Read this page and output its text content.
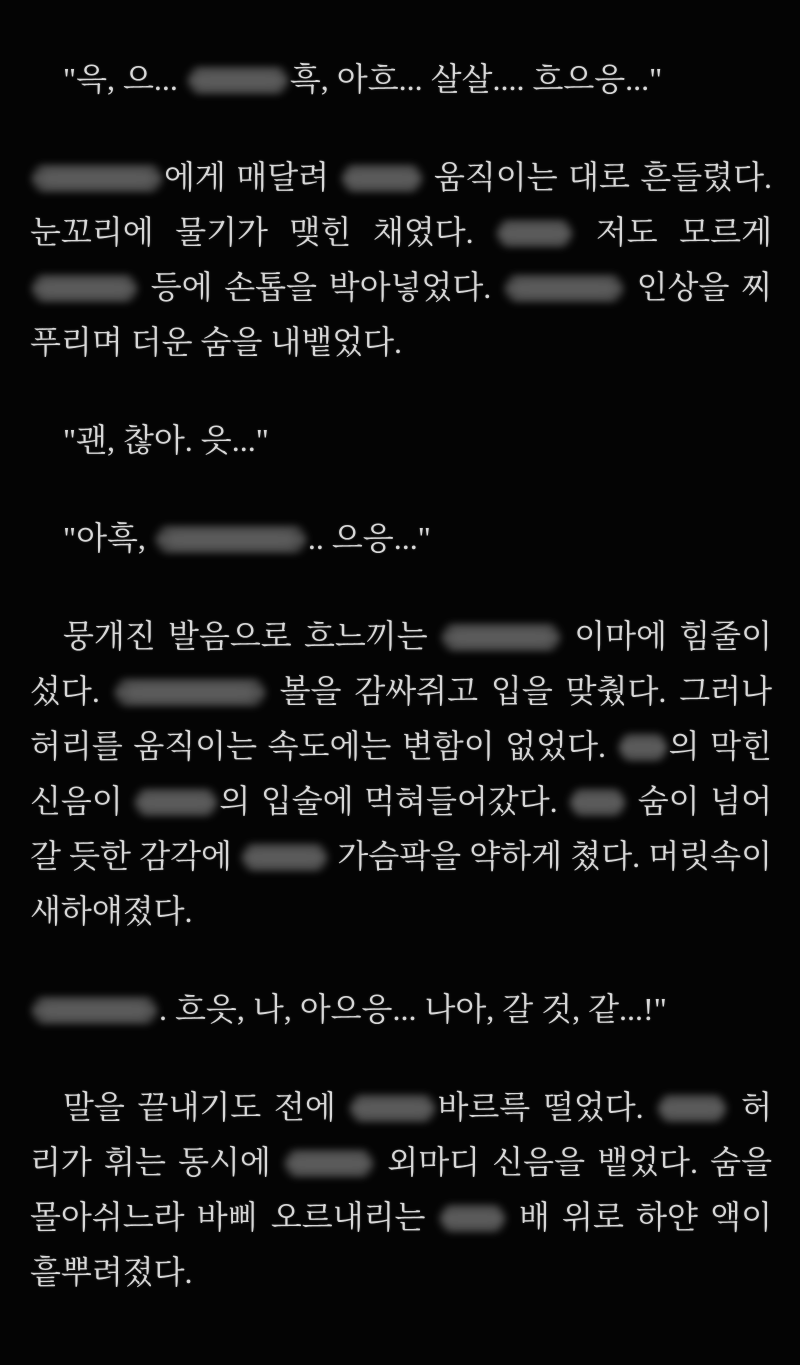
"윽, 으...	흑, 아흐... 살살.... 흐으응..."

에게 매달려	움직이는 대로 흔들렸다. 눈꼬리에 물기가 맺힌 채였다.  저도 모르게  등에 손톱을 박아넣었다.	인상을 찌푸리며 더운 숨을 내뱉었다.

"괜, 찮아. 읏..."

"아흑,	.. 으응..."

뭉개진 발음으로 흐느끼는	이마에 힘줄이 섰다.	볼을 감싸쥐고 입을 맞췄다. 그러나 허리를 움직이는 속도에는 변함이 없었다. 의 막힌 신음이	의 입술에 먹혀들어갔다.  숨이 넘어갈 듯한 감각에	가슴팍을 약하게 쳤다. 머릿속이 새하얘졌다.

. 흐읏, 나, 아으응... 나아, 갈 것, 같...!"

말을 끝내기도 전에	바르륵 떨었다.  허리가 휘는 동시에	외마디 신음을 뱉었다. 숨을 몰아쉬느라 바삐 오르내리는  배 위로 하얀 액이 흩뿌려졌다.
